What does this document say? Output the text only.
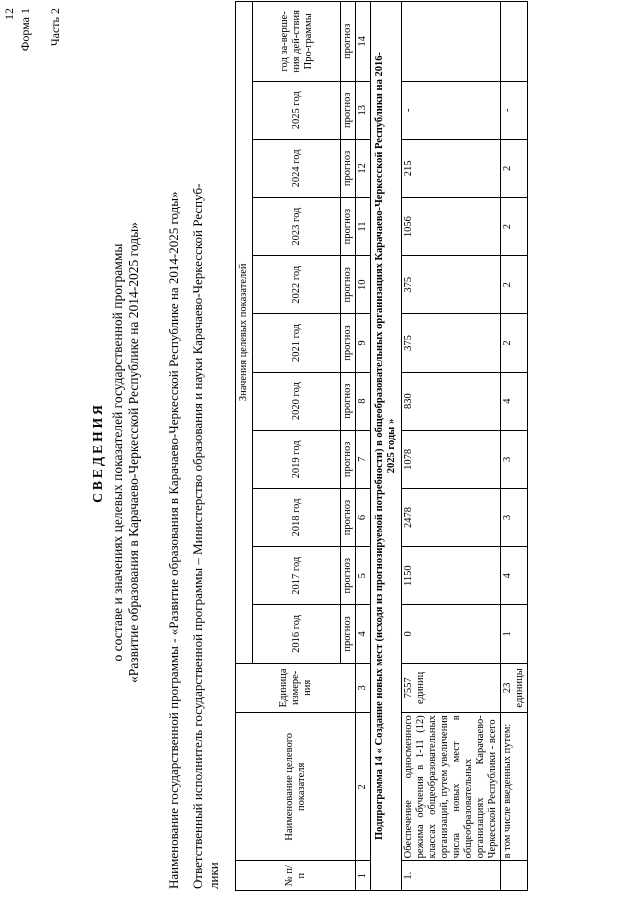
12 Форма 1 Часть 2
СВЕДЕНИЯ о составе и значениях целевых показателей государственной программы «Развитие образования в Карачаево-Черкесской Республике на 2014-2025 годы» Наименование государственной программы - «Развитие образования в Карачаево-Черкесской Республике на 2014-2025 годы» Ответственный исполнитель государственной программы – Министерство образования и науки Карачаево-Черкесской Респуб- лики	№ п/п	Наименование целевого показателя	Единица измере-ния	Значения целевых показателей										
			2016 год	2017 год	2018 год	2019 год	2020 год	2021 год	2022 год	2023 год	2024 год	2025 год	год за-верше-ния дей-ствия Про-граммы
			прогноз	прогноз	прогноз	прогноз	прогноз	прогноз	прогноз	прогноз	прогноз	прогноз	прогноз
1	2	3	4	5	6	7	8	9	10	11	12	13	14
Подпрограмма 14 « Создание новых мест (исходя из прогнозируемой потребности) в общеобразовательных организациях Карачаево-Черкесской Республики на 2016-2025 годы »													
1.	Обеспечение односменного режима обучения в 1-11 (12) классах общеобразовательных организаций, путем увеличения числа новых мест в общеобразовательных организациях Карачаево-Черкесской Республики - всего	7557 единиц	0	1150	2478	1078	830	375	375	1056	215	-	
	в том числе введенных путем:	23 единицы	1	4	3	3	4	2	2	2	2	-	
